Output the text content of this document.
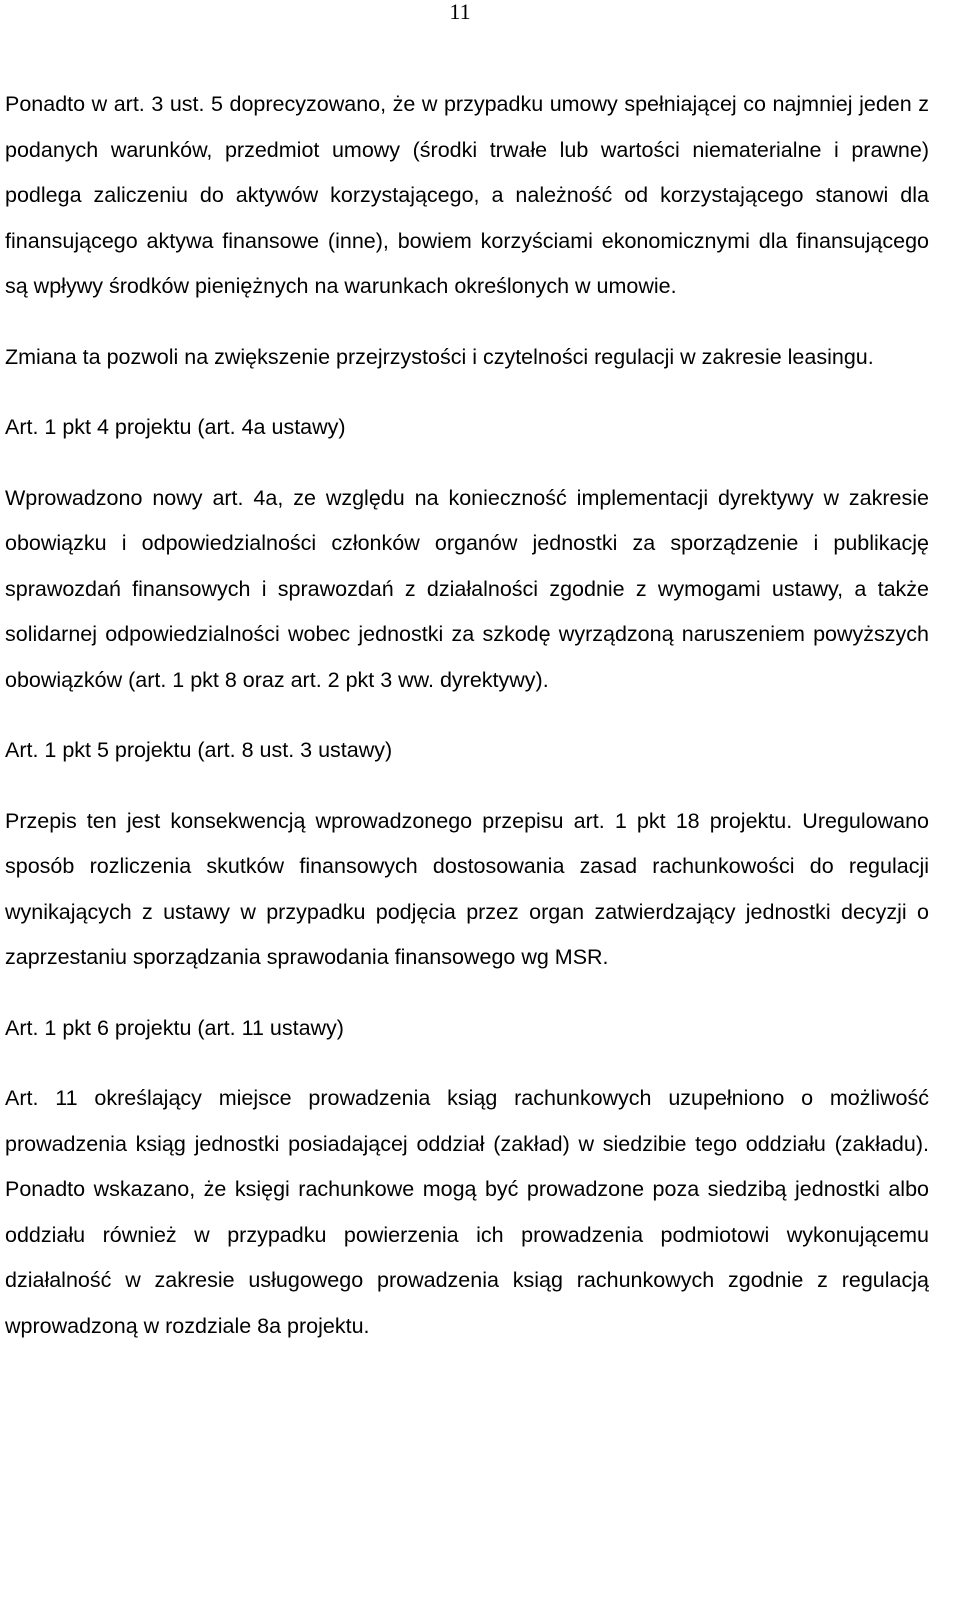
11

Ponadto w art. 3 ust. 5 doprecyzowano, że w przypadku umowy spełniającej co najmniej jeden z podanych warunków, przedmiot umowy (środki trwałe lub wartości niematerialne i prawne) podlega zaliczeniu do aktywów korzystającego, a należność od korzystającego stanowi dla finansującego aktywa finansowe (inne), bowiem korzyściami ekonomicznymi dla finansującego są wpływy środków pieniężnych na warunkach określonych w umowie.

Zmiana ta pozwoli na zwiększenie przejrzystości i czytelności regulacji w zakresie leasingu.

Art. 1 pkt 4 projektu (art. 4a ustawy)

Wprowadzono nowy art. 4a, ze względu na konieczność implementacji dyrektywy w zakresie obowiązku i odpowiedzialności członków organów jednostki za sporządzenie i publikację sprawozdań finansowych i sprawozdań z działalności zgodnie z wymogami ustawy, a także solidarnej odpowiedzialności wobec jednostki za szkodę wyrządzoną naruszeniem powyższych obowiązków (art. 1 pkt 8 oraz art. 2 pkt 3 ww. dyrektywy).

Art. 1 pkt 5 projektu (art. 8 ust. 3 ustawy)

Przepis ten jest konsekwencją wprowadzonego przepisu art. 1 pkt 18 projektu. Uregulowano sposób rozliczenia skutków finansowych dostosowania zasad rachunkowości do regulacji wynikających z ustawy w przypadku podjęcia przez organ zatwierdzający jednostki decyzji o zaprzestaniu sporządzania sprawodania finansowego wg MSR.

Art. 1 pkt 6 projektu (art. 11 ustawy)

Art. 11 określający miejsce prowadzenia ksiąg rachunkowych uzupełniono o możliwość prowadzenia ksiąg jednostki posiadającej oddział (zakład) w siedzibie tego oddziału (zakładu). Ponadto wskazano, że księgi rachunkowe mogą być prowadzone poza siedzibą jednostki albo oddziału również w przypadku powierzenia ich prowadzenia podmiotowi wykonującemu działalność w zakresie usługowego prowadzenia ksiąg rachunkowych zgodnie z regulacją wprowadzoną w rozdziale 8a projektu.
